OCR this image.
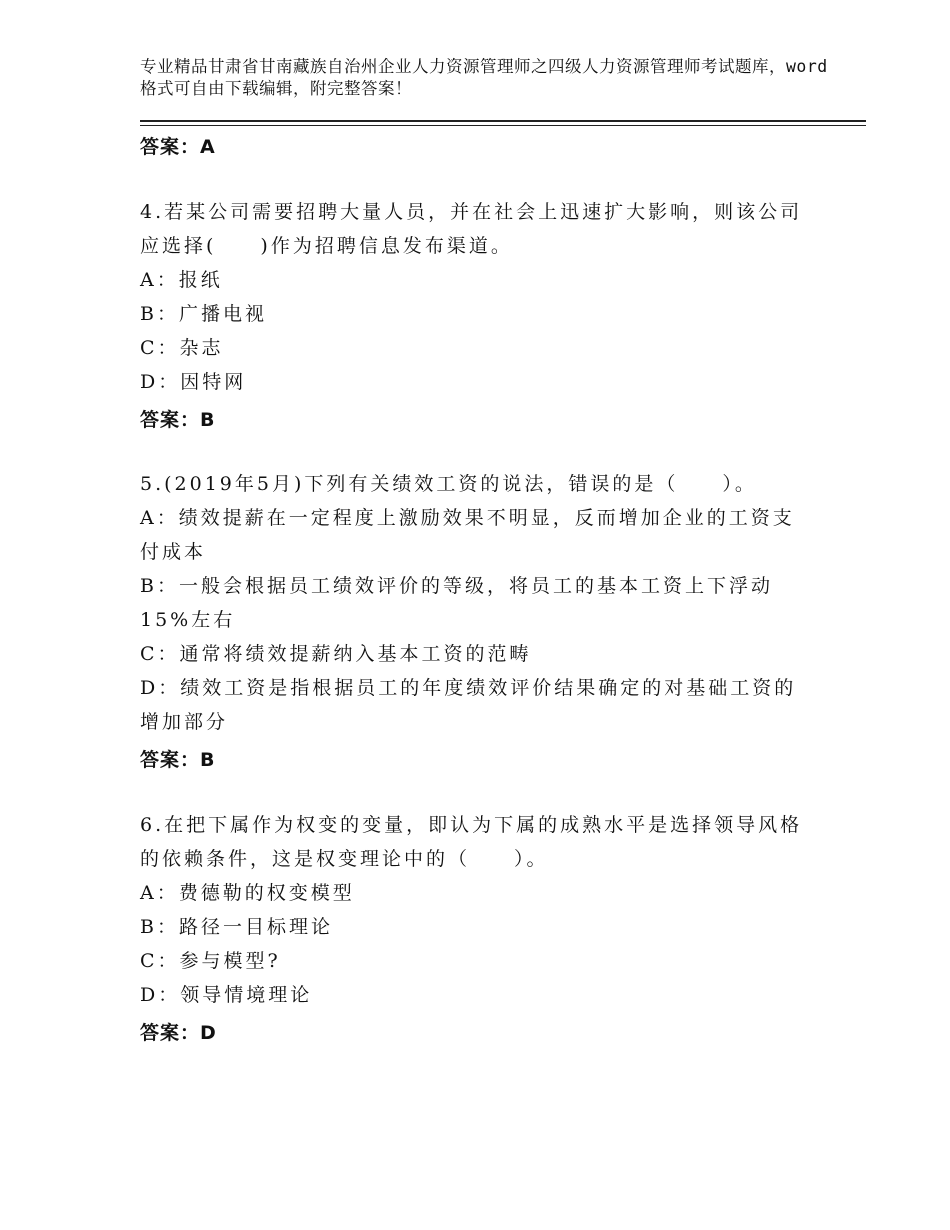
专业精品甘肃省甘南藏族自治州企业人力资源管理师之四级人力资源管理师考试题库，word格式可自由下载编辑，附完整答案！
答案：A
4.若某公司需要招聘大量人员，并在社会上迅速扩大影响，则该公司应选择(　　)作为招聘信息发布渠道。
A：报纸
B：广播电视
C：杂志
D：因特网
答案：B
5.(2019年5月)下列有关绩效工资的说法，错误的是（　　）。
A：绩效提薪在一定程度上激励效果不明显，反而增加企业的工资支付成本
B：一般会根据员工绩效评价的等级，将员工的基本工资上下浮动15%左右
C：通常将绩效提薪纳入基本工资的范畴
D：绩效工资是指根据员工的年度绩效评价结果确定的对基础工资的增加部分
答案：B
6.在把下属作为权变的变量，即认为下属的成熟水平是选择领导风格的依赖条件，这是权变理论中的（　　）。
A：费德勒的权变模型
B：路径一目标理论
C：参与模型?
D：领导情境理论
答案：D
